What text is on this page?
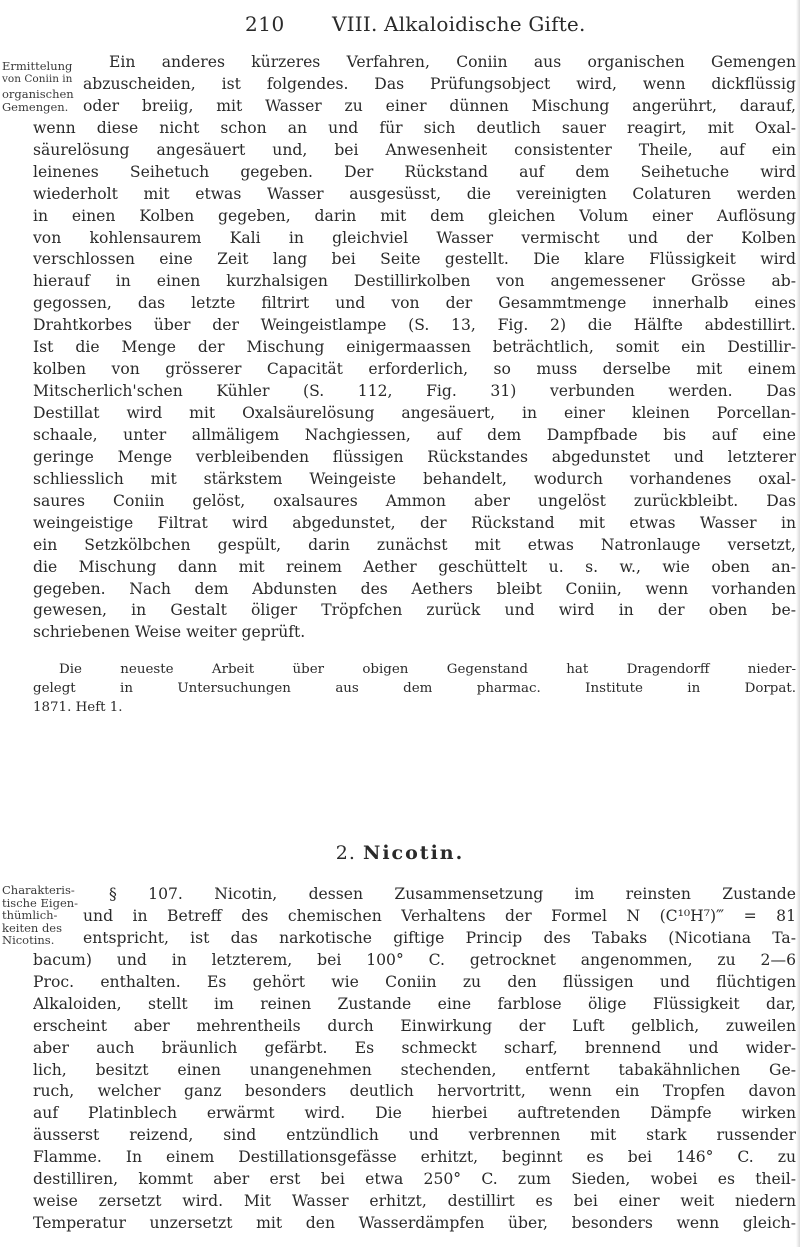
210 VIII. Alkaloidische Gifte.
Ermittelung
von Coniin in
organischen
Gemengen.
Ein anderes kürzeres Verfahren, Coniin aus organischen Gemengen
abzuscheiden, ist folgendes. Das Prüfungsobject wird, wenn dickflüssig
oder breiig, mit Wasser zu einer dünnen Mischung angerührt, darauf,
wenn diese nicht schon an und für sich deutlich sauer reagirt, mit Oxal-
säurelösung angesäuert und, bei Anwesenheit consistenter Theile, auf ein
leinenes Seihetuch gegeben. Der Rückstand auf dem Seihetuche wird
wiederholt mit etwas Wasser ausgesüsst, die vereinigten Colaturen werden
in einen Kolben gegeben, darin mit dem gleichen Volum einer Auflösung
von kohlensaurem Kali in gleichviel Wasser vermischt und der Kolben
verschlossen eine Zeit lang bei Seite gestellt. Die klare Flüssigkeit wird
hierauf in einen kurzhalsigen Destillirkolben von angemessener Grösse ab-
gegossen, das letzte filtrirt und von der Gesammtmenge innerhalb eines
Drahtkorbes über der Weingeistlampe (S. 13, Fig. 2) die Hälfte abdestillirt.
Ist die Menge der Mischung einigermaassen beträchtlich, somit ein Destillir-
kolben von grösserer Capacität erforderlich, so muss derselbe mit einem
Mitscherlich'schen Kühler (S. 112, Fig. 31) verbunden werden. Das
Destillat wird mit Oxalsäurelösung angesäuert, in einer kleinen Porcellan-
schaale, unter allmäligem Nachgiessen, auf dem Dampfbade bis auf eine
geringe Menge verbleibenden flüssigen Rückstandes abgedunstet und letzterer
schliesslich mit stärkstem Weingeiste behandelt, wodurch vorhandenes oxal-
saures Coniin gelöst, oxalsaures Ammon aber ungelöst zurückbleibt. Das
weingeistige Filtrat wird abgedunstet, der Rückstand mit etwas Wasser in
ein Setzkölbchen gespült, darin zunächst mit etwas Natronlauge versetzt,
die Mischung dann mit reinem Aether geschüttelt u. s. w., wie oben an-
gegeben. Nach dem Abdunsten des Aethers bleibt Coniin, wenn vorhanden
gewesen, in Gestalt öliger Tröpfchen zurück und wird in der oben be-
schriebenen Weise weiter geprüft.
Die neueste Arbeit über obigen Gegenstand hat Dragendorff nieder-
gelegt in Untersuchungen aus dem pharmac. Institute in Dorpat.
1871. Heft 1.
2. Nicotin.
Charakteris-
tische Eigen-
thümlich-
keiten des
Nicotins.
§ 107. Nicotin, dessen Zusammensetzung im reinsten Zustande
und in Betreff des chemischen Verhaltens der Formel N (C¹⁰H⁷)‴ = 81
entspricht, ist das narkotische giftige Princip des Tabaks (Nicotiana Ta-
bacum) und in letzterem, bei 100° C. getrocknet angenommen, zu 2—6
Proc. enthalten. Es gehört wie Coniin zu den flüssigen und flüchtigen
Alkaloiden, stellt im reinen Zustande eine farblose ölige Flüssigkeit dar,
erscheint aber mehrentheils durch Einwirkung der Luft gelblich, zuweilen
aber auch bräunlich gefärbt. Es schmeckt scharf, brennend und wider-
lich, besitzt einen unangenehmen stechenden, entfernt tabakähnlichen Ge-
ruch, welcher ganz besonders deutlich hervortritt, wenn ein Tropfen davon
auf Platinblech erwärmt wird. Die hierbei auftretenden Dämpfe wirken
äusserst reizend, sind entzündlich und verbrennen mit stark russender
Flamme. In einem Destillationsgefässe erhitzt, beginnt es bei 146° C. zu
destilliren, kommt aber erst bei etwa 250° C. zum Sieden, wobei es theil-
weise zersetzt wird. Mit Wasser erhitzt, destillirt es bei einer weit niedern
Temperatur unzersetzt mit den Wasserdämpfen über, besonders wenn gleich-
